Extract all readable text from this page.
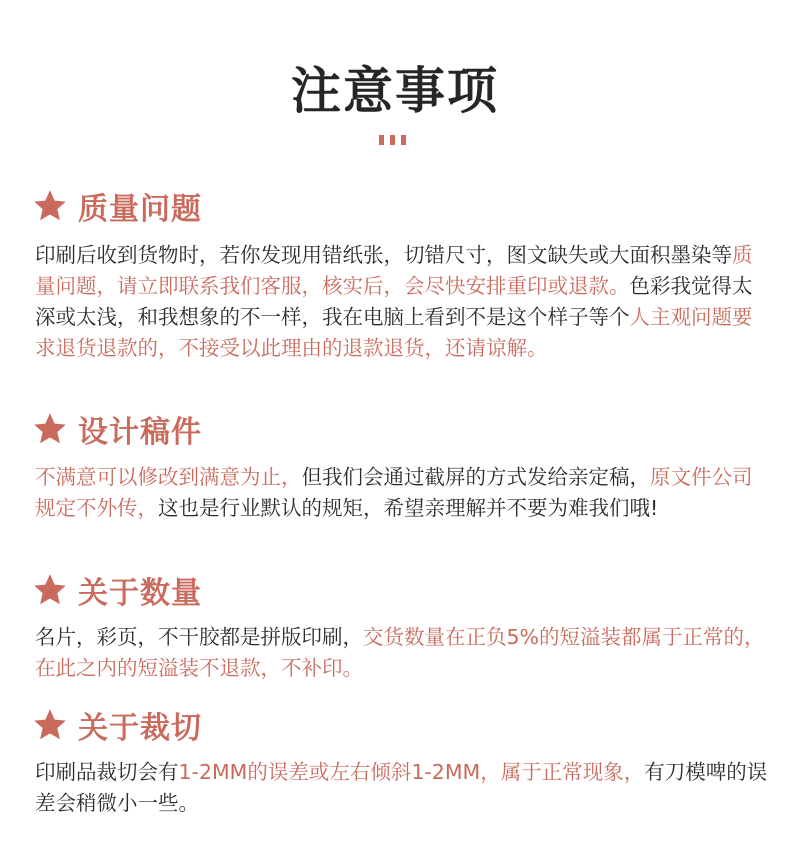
注意事项
质量问题
印刷后收到货物时，若你发现用错纸张，切错尺寸，图文缺失或大面积墨染等质量问题，请立即联系我们客服，核实后，会尽快安排重印或退款。色彩我觉得太深或太浅，和我想象的不一样，我在电脑上看到不是这个样子等个人主观问题要求退货退款的，不接受以此理由的退款退货，还请谅解。
设计稿件
不满意可以修改到满意为止，但我们会通过截屏的方式发给亲定稿，原文件公司规定不外传，这也是行业默认的规矩，希望亲理解并不要为难我们哦!
关于数量
名片，彩页，不干胶都是拼版印刷，交货数量在正负5%的短溢装都属于正常的，在此之内的短溢装不退款，不补印。
关于裁切
印刷品裁切会有1-2MM的误差或左右倾斜1-2MM，属于正常现象，有刀模啤的误差会稍微小一些。
